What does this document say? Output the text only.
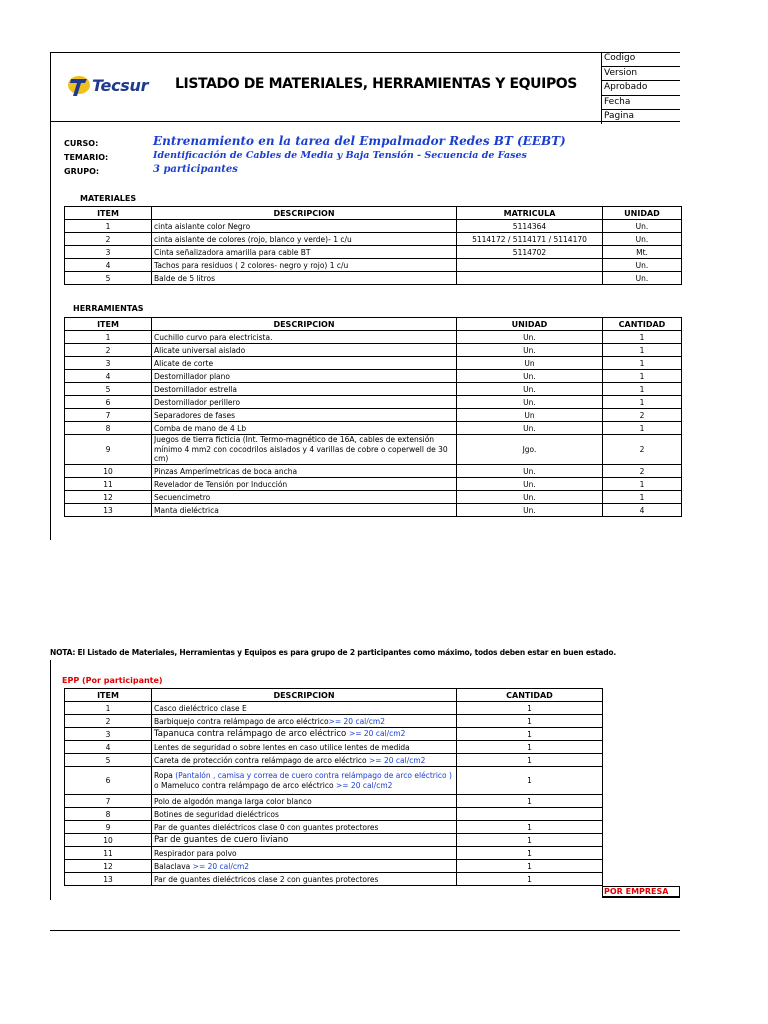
Tecsur	LISTADO DE MATERIALES, HERRAMIENTAS Y EQUIPOS
Codigo
Version
Aprobado
Fecha
Pagina
CURSO:	Entrenamiento en la tarea del Empalmador Redes BT (EEBT)
TEMARIO:	Identificación de Cables de Media y Baja Tensión - Secuencia de Fases
GRUPO:	3 participantes
MATERIALES
ITEM	DESCRIPCION	MATRICULA	UNIDAD
1	cinta aislante color Negro	5114364	Un.
2	cinta aislante de colores (rojo, blanco y verde)- 1 c/u	5114172 / 5114171 / 5114170	Un.
3	Cinta señalizadora amarilla para cable BT	5114702	Mt.
4	Tachos para residuos ( 2 colores- negro y rojo) 1 c/u		Un.
5	Balde de 5 litros		Un.
HERRAMIENTAS
ITEM	DESCRIPCION	UNIDAD	CANTIDAD
1	Cuchillo curvo para electricista.	Un.	1
2	Alicate universal aislado	Un.	1
3	Alicate de corte	Un	1
4	Destornillador plano	Un.	1
5	Destornillador estrella	Un.	1
6	Destornillador perillero	Un.	1
7	Separadores de fases	Un	2
8	Comba de mano de 4 Lb	Un.	1
9	Juegos de tierra ficticia (Int. Termo-magnético de 16A, cables de extensión mínimo 4 mm2 con cocodrilos aislados y 4 varillas de cobre o coperwell de 30 cm)	Jgo.	2
10	Pinzas Amperímetricas de boca ancha	Un.	2
11	Revelador de Tensión por Inducción	Un.	1
12	Secuencimetro	Un.	1
13	Manta dieléctrica	Un.	4
NOTA: El Listado de Materiales, Herramientas y Equipos es para grupo de 2 participantes como máximo, todos deben estar en buen estado.
EPP (Por participante)
ITEM	DESCRIPCION	CANTIDAD
1	Casco dieléctrico clase E	1
2	Barbiquejo contra relámpago de arco eléctrico>= 20 cal/cm2	1
3	Tapanuca contra relámpago de arco eléctrico >= 20 cal/cm2	1
4	Lentes de seguridad o sobre lentes en caso utilice lentes de medida	1
5	Careta de protección contra relámpago de arco eléctrico >= 20 cal/cm2	1
6	Ropa (Pantalón , camisa y correa de cuero contra relámpago de arco eléctrico ) o Mameluco contra relámpago de arco eléctrico >= 20 cal/cm2	1
7	Polo de algodón manga larga color blanco	1
8	Botines de seguridad dieléctricos	
9	Par de guantes dieléctricos clase 0 con guantes protectores	1
10	Par de guantes de cuero liviano	1
11	Respirador para polvo	1
12	Balaclava >= 20 cal/cm2	1
13	Par de guantes dieléctricos clase 2 con guantes protectores	1
POR EMPRESA
